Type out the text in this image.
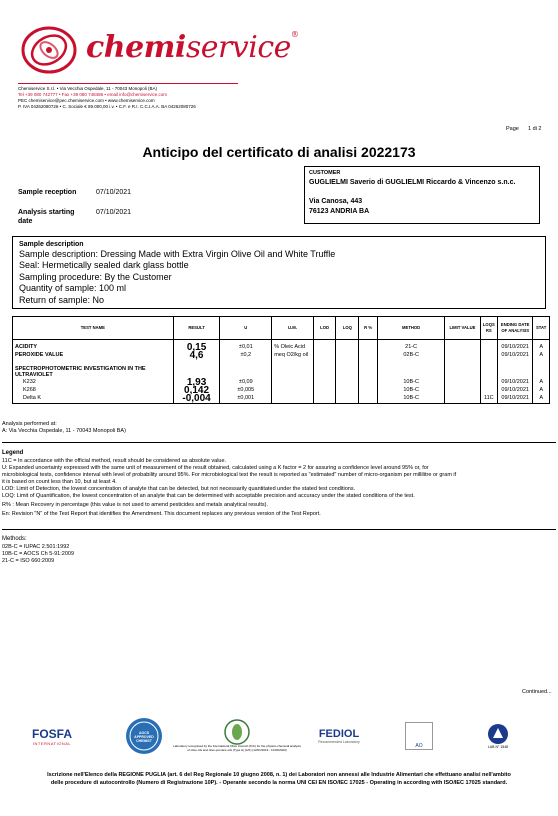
chemiservice®
Chemiservice S.r.l. • Via Vecchia Ospedale, 11 - 70043 Monopoli (BA)
Tel +39 080 742777 • Fax +39 080 748486 • email info@chemiservice.com
PEC chemiservice@pec.chemiservice.com • www.chemiservice.com
P. IVA 04262080726 • C. Sociale € 89.000,00 i.v. • C.F. e R.I. C.C.I.A.A. BA 04262080726
Page 1 di 2
Anticipo del certificato di analisi 2022173
Sample reception	07/10/2021
Analysis starting date
07/10/2021
CUSTOMER
GUGLIELMI Saverio di GUGLIELMI Riccardo & Vincenzo s.n.c.
Via Canosa, 443
76123 ANDRIA BA
Sample description
Sample description: Dressing Made with Extra Virgin Olive Oil and White Truffle
Seal: Hermetically sealed dark glass bottle
Sampling procedure: By the Customer
Quantity of sample: 100 ml
Return of sample: No
TEST NAME	RESULT	U	U.M.	LOD	LOQ	R %	METHOD	LIMIT VALUE	LOQS RS	ENDING DATE OF ANALYSIS	STAT

ACIDITY	0,15	±0,01	% Oleic Acid				21-C			09/10/2021	A
PEROXIDE VALUE	4,6	±0,2	meq O2/kg oil				02B-C			09/10/2021	A

SPECTROPHOTOMETRIC INVESTIGATION IN THE ULTRAVIOLET											
K232	1,93	±0,09					10B-C			09/10/2021	A
K268	0,142	±0,005					10B-C			09/10/2021	A
Delta K	-0,004	±0,001					10B-C		11C	09/10/2021	A
Analysis performed at:
A: Via Vecchia Ospedale, 11 - 70043 Monopoli BA)
Legend
11C = In accordance with the official method, result should be considered as absolute value.
U: Expanded uncertainty expressed with the same unit of measurement of the result obtained, calculated using a K factor = 2 for assuring a confidence level around 95% or, for
microbiological tests, confidence interval with level of probability around 95%. For microbiological test the result is reported as "estimated" number of micro-organism per millilitre or gram if
it is based on count less than 10, but at least 4.
LOD: Limit of Detection, the lowest concentration of analyte that can be detected, but not necessarily quantitated under the stated test conditions.
LOQ: Limit of Quantification, the lowest concentration of an analyte that can be determined with acceptable precision and accuracy under the stated conditions of the test.
R% : Mean Recovery in percentage (this value is not used to amend pesticides and metals analytical results).
En: Revision "N" of the Test Report that identifies the Amendment. This document replaces any previous version of the Test Report.
Methods:
02B-C = IUPAC 2.501:1992
10B-C = AOCS Ch 5-91:2009
21-C = ISO 660:2009
Continued...
FOSFA
INTERNATIONAL
AOCS APPROVED CHEMIST
Laboratory recognised by the International Olive Council (IOC) for the physico-chemical analysis of olive oils and olive-pomace oils (Type A) (A/F) (12/01/2019 - 11/30/2020)
FEDIOL
Recommended Laboratory
AO	LAB N° 1548
Iscrizione nell'Elenco della REGIONE PUGLIA (art. 6 del Reg Regionale 10 giugno 2008, n. 1) dei Laboratori non annessi alle Industrie Alimentari che effettuano analisi nell'ambito
delle procedure di autocontrollo (Numero di Registrazione 10P). - Operante secondo la norma UNI CEI EN ISO/IEC 17025 - Operating in according with ISO/IEC 17025 standard.
